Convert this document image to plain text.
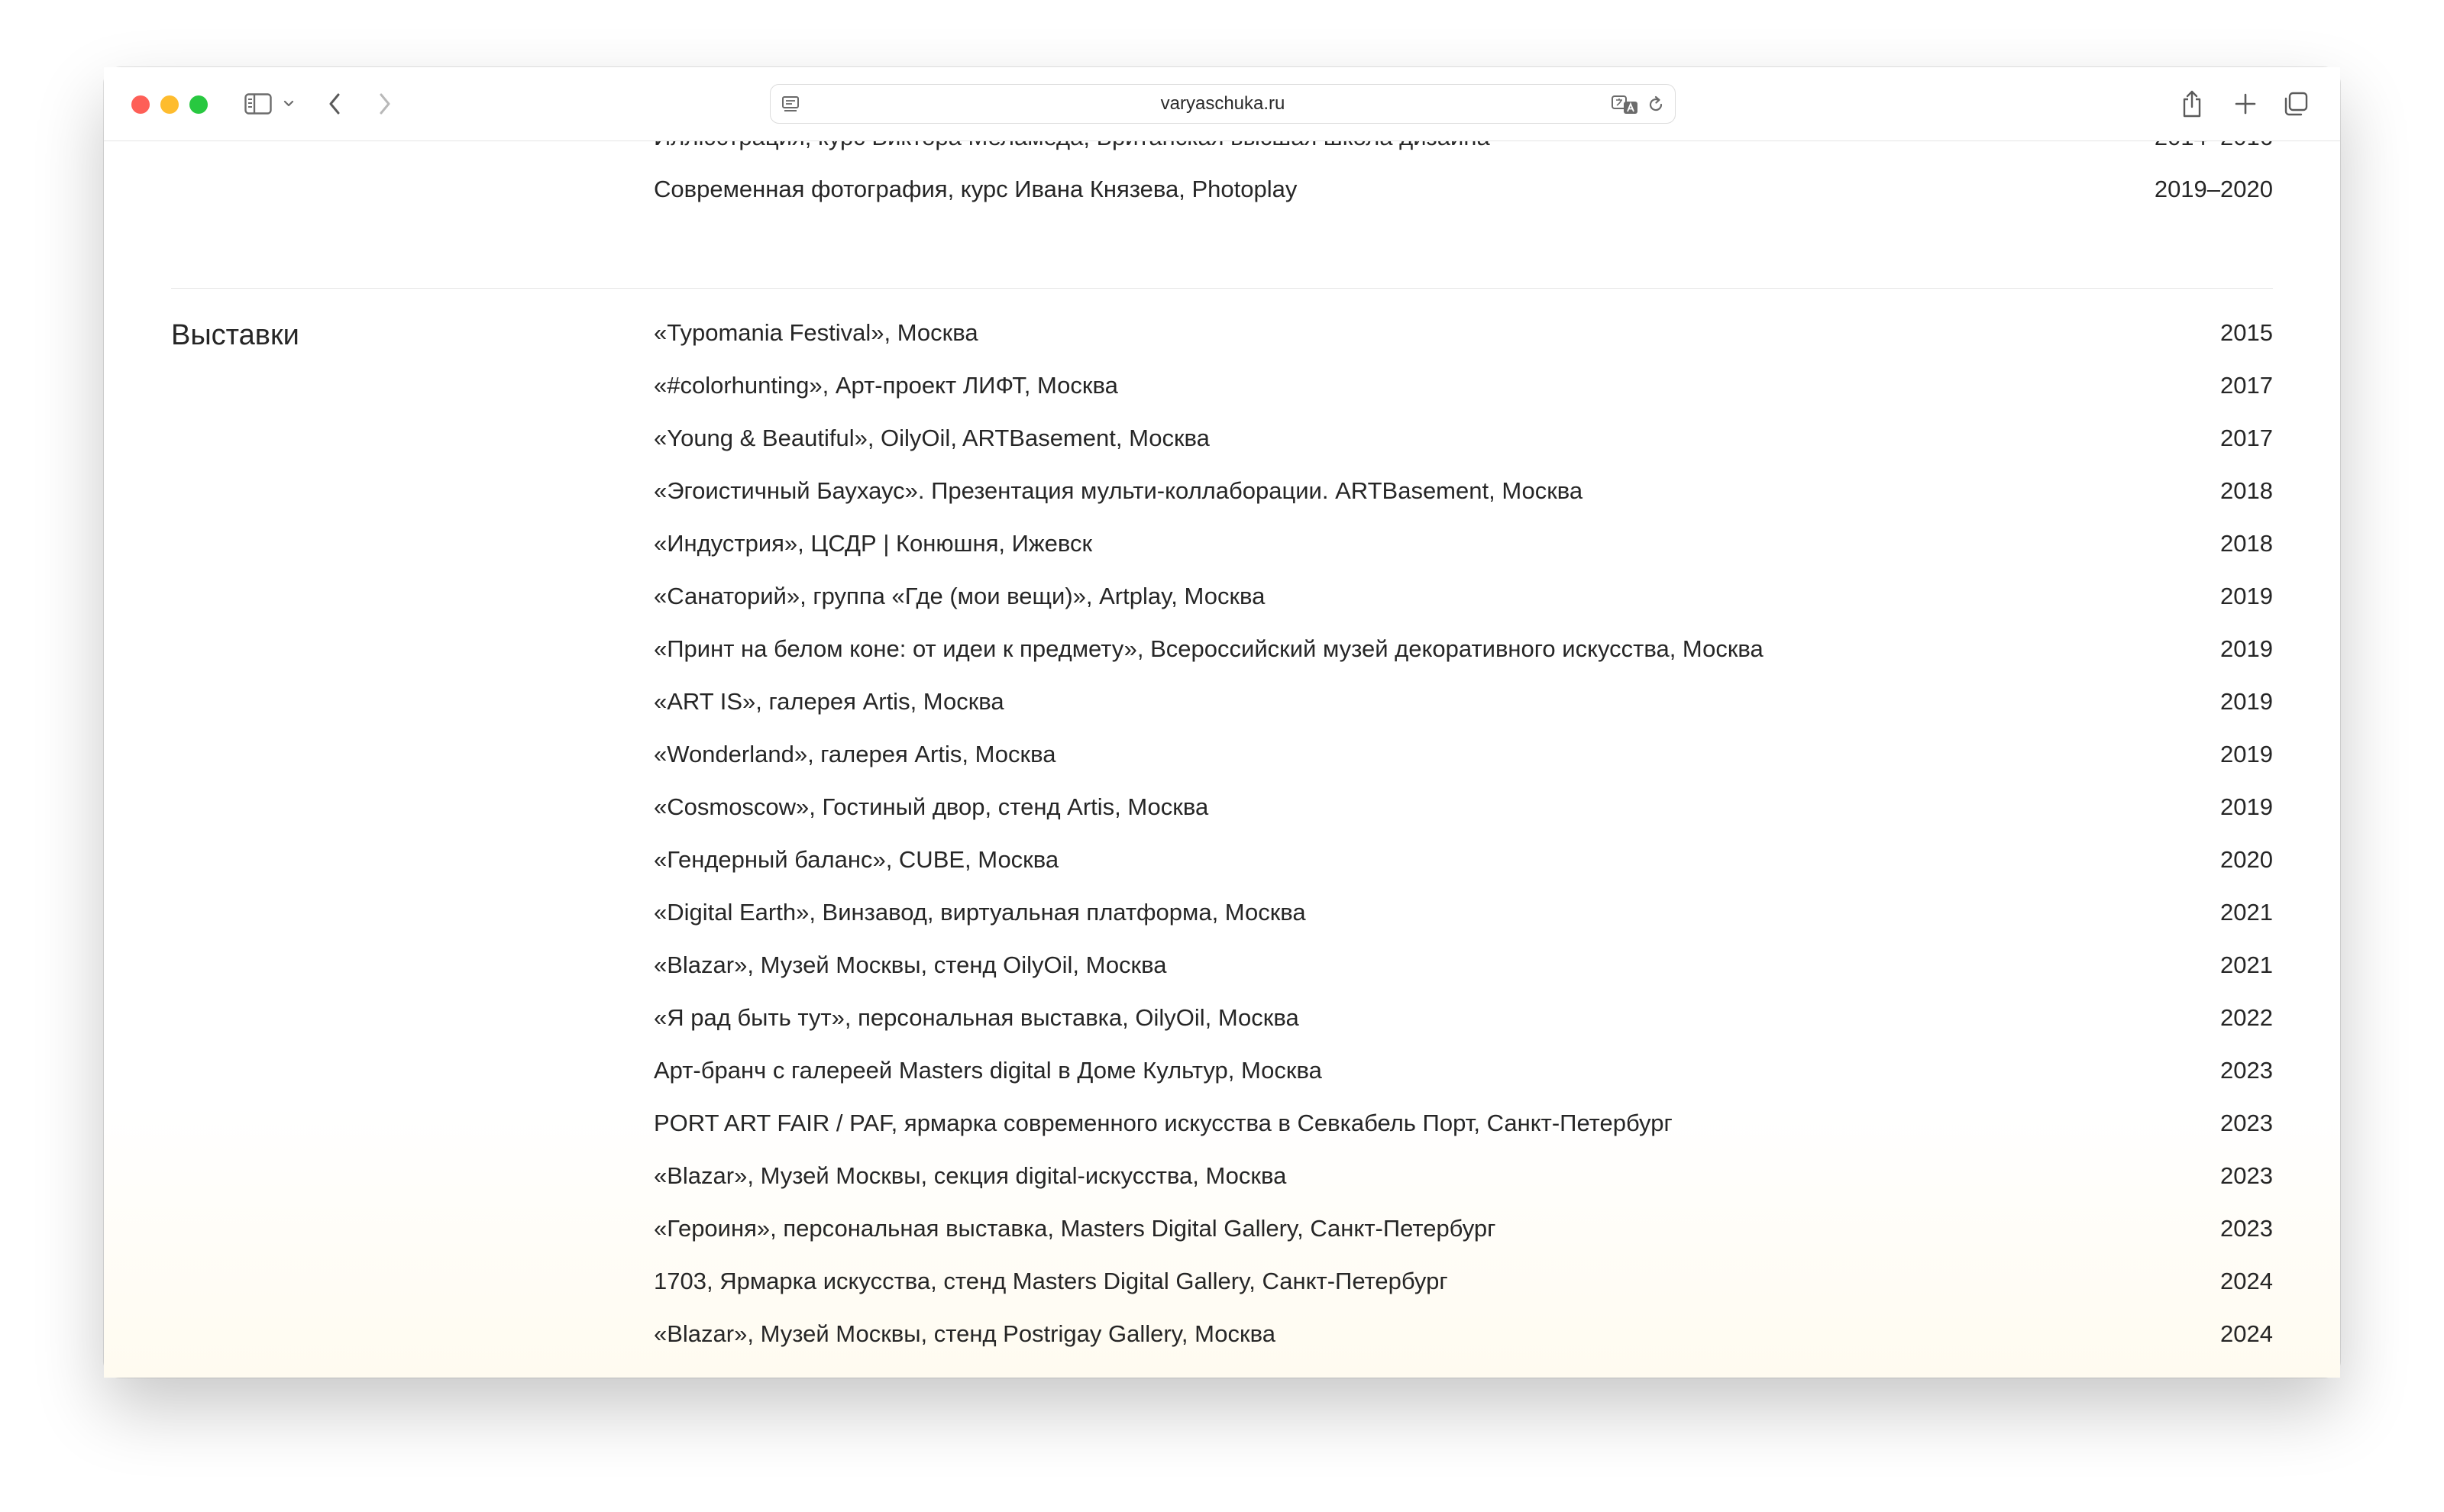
varyaschuka.ru
Современная фотография, курс Ивана Князева, Photoplay	2019–2020
Выставки	«Typomania Festival», Москва	2015
«#colorhunting», Арт-проект ЛИФТ, Москва	2017
«Young & Beautiful», OilyOil, ARTBasement, Москва	2017
«Эгоистичный Баухаус». Презентация мульти-коллаборации. ARTBasement, Москва	2018
«Индустрия», ЦСДР | Конюшня, Ижевск	2018
«Санаторий», группа «Где (мои вещи)», Artplay, Москва	2019
«Принт на белом коне: от идеи к предмету», Всероссийский музей декоративного искусства, Москва	2019
«ART IS», галерея Artis, Москва	2019
«Wonderland», галерея Artis, Москва	2019
«Cosmoscow», Гостиный двор, стенд Artis, Москва	2019
«Гендерный баланс», CUBE, Москва	2020
«Digital Earth», Винзавод, виртуальная платформа, Москва	2021
«Blazar», Музей Москвы, стенд OilyOil, Москва	2021
«Я рад быть тут», персональная выставка, OilyOil, Москва	2022
Арт-бранч с галереей Masters digital в Доме Культур, Москва	2023
PORT ART FAIR / PAF, ярмарка современного искусства в Севкабель Порт, Санкт-Петербург	2023
«Blazar», Музей Москвы, секция digital-искусства, Москва	2023
«Героиня», персональная выставка, Masters Digital Gallery, Санкт-Петербург	2023
1703, Ярмарка искусства, стенд Masters Digital Gallery, Санкт-Петербург	2024
«Blazar», Музей Москвы, стенд Postrigay Gallery, Москва	2024
